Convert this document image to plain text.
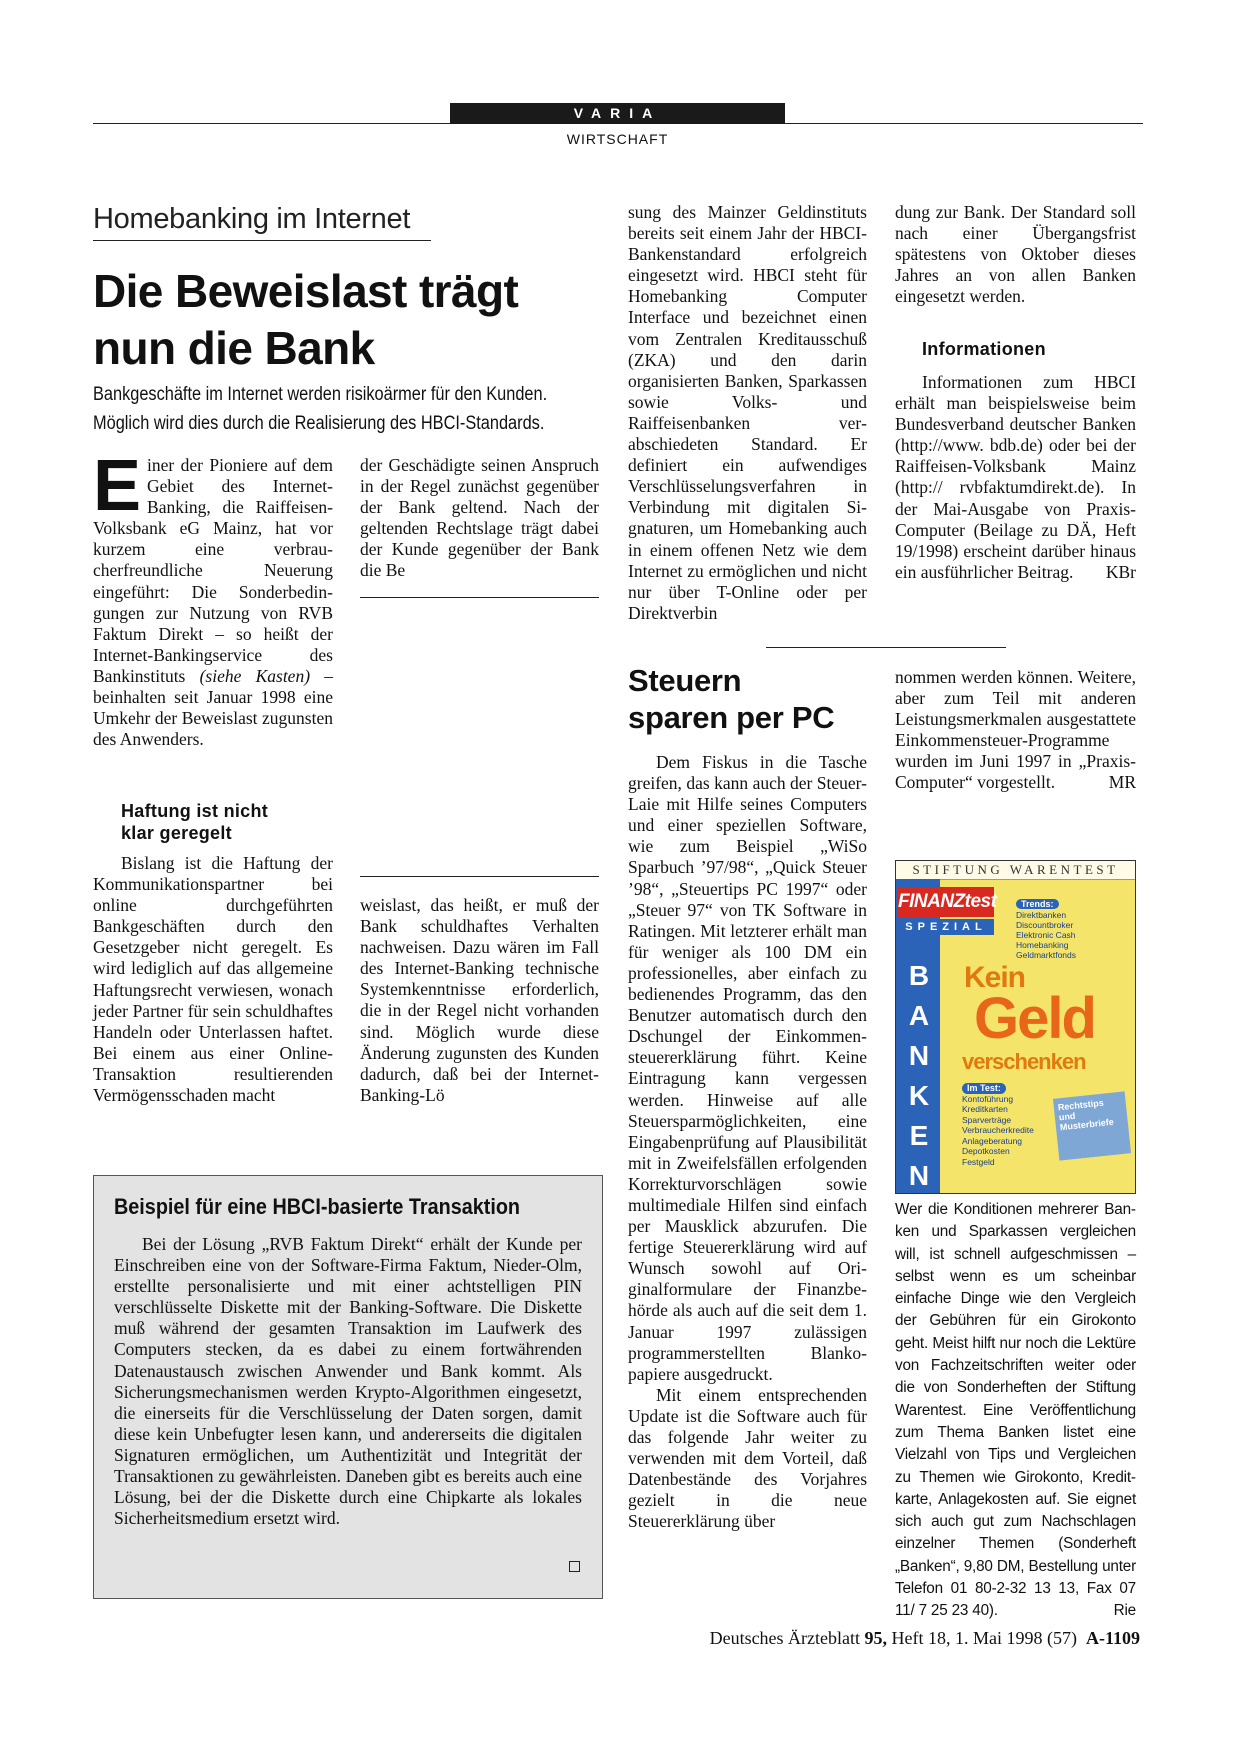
VARIA
WIRTSCHAFT
Homebanking im Internet
Die Beweislast trägt
nun die Bank
Bankgeschäfte im Internet werden risikoärmer für den Kunden.
Möglich wird dies durch die Realisierung des HBCI-Standards.
Einer der Pioniere auf dem Gebiet des Internet-Banking, die Raiffeisen-Volksbank eG Mainz, hat vor kurzem eine verbraucherfreundliche Neuerung eingeführt: Die Sonderbedingungen zur Nutzung von RVB Faktum Direkt – so heißt der Internet-Bankingservice des Bankinstituts (siehe Kasten) – beinhalten seit Januar 1998 eine Umkehr der Beweislast zugunsten des Anwenders.
Haftung ist nicht
klar geregelt
Bislang ist die Haftung der Kommunikationspartner bei online durchgeführten Bankgeschäften durch den Gesetzgeber nicht geregelt. Es wird lediglich auf das allgemeine Haftungsrecht verwiesen, wonach jeder Partner für sein schuldhaftes Handeln oder Unterlassen haftet. Bei einem aus einer Online-Transaktion resultierenden Vermögensschaden macht
der Geschädigte seinen Anspruch in der Regel zunächst gegenüber der Bank geltend. Nach der geltenden Rechtslage trägt dabei der Kunde gegenüber der Bank die Be
weislast, das heißt, er muß der Bank schuldhaftes Verhalten nachweisen. Dazu wären im Fall des Internet-Banking technische Systemkenntnisse erforderlich, die in der Regel nicht vorhanden sind. Möglich wurde diese Änderung zugunsten des Kunden dadurch, daß bei der Internet-Banking-Lö
sung des Mainzer Geldinstituts bereits seit einem Jahr der HBCI-Bankenstandard erfolgreich eingesetzt wird. HBCI steht für Homebanking Computer Interface und bezeichnet einen vom Zentralen Kreditausschuß (ZKA) und den darin organisierten Banken, Sparkassen sowie Volks- und Raiffeisenbanken verabschiedeten Standard. Er definiert ein aufwendiges Verschlüsselungsverfahren in Verbindung mit digitalen Signaturen, um Homebanking auch in einem offenen Netz wie dem Internet zu ermöglichen und nicht nur über T-Online oder per Direktverbin
dung zur Bank. Der Standard soll nach einer Übergangsfrist spätestens von Oktober dieses Jahres an von allen Banken eingesetzt werden.
Informationen
Informationen zum HBCI erhält man beispielsweise beim Bundesverband deutscher Banken (http://www. bdb.de) oder bei der Raiffeisen-Volksbank Mainz (http:// rvbfaktumdirekt.de). In der Mai-Ausgabe von Praxis-Computer (Beilage zu DÄ, Heft 19/1998) erscheint darüber hinaus ein ausführlicher Beitrag.	KBr
Beispiel für eine HBCI-basierte Transaktion
Bei der Lösung „RVB Faktum Direkt“ erhält der Kunde per Einschreiben eine von der Software-Firma Faktum, Nieder-Olm, erstellte personalisierte und mit einer achtstelligen PIN verschlüsselte Diskette mit der Banking-Software. Die Diskette muß während der gesamten Transaktion im Laufwerk des Computers stecken, da es dabei zu einem fortwährenden Datenaustausch zwischen Anwender und Bank kommt. Als Sicherungsmechanismen werden Krypto-Algorithmen eingesetzt, die einerseits für die Verschlüsselung der Daten sorgen, damit diese kein Unbefugter lesen kann, und andererseits die digitalen Signaturen ermöglichen, um Authentizität und Integrität der Transaktionen zu gewährleisten. Daneben gibt es bereits auch eine Lösung, bei der die Diskette durch eine Chipkarte als lokales Sicherheitsmedium ersetzt wird.
Steuern
sparen per PC
Dem Fiskus in die Tasche greifen, das kann auch der Steuer-Laie mit Hilfe seines Computers und einer speziellen Software, wie zum Beispiel „WiSo Sparbuch ’97/98“, „Quick Steuer ’98“, „Steuertips PC 1997“ oder „Steuer 97“ von TK Software in Ratingen. Mit letzterer erhält man für weniger als 100 DM ein professionelles, aber einfach zu bedienendes Programm, das den Benutzer automatisch durch den Dschungel der Einkommensteuererklärung führt. Keine Eintragung kann vergessen werden. Hinweise auf alle Steuersparmöglichkeiten, eine Eingabenprüfung auf Plausibilität mit in Zweifelsfällen erfolgenden Korrekturvorschlägen sowie multimediale Hilfen sind einfach per Mausklick abzurufen. Die fertige Steuererklärung wird auf Wunsch sowohl auf Originalformulare der Finanzbehörde als auch auf die seit dem 1. Januar 1997 zulässigen programmerstellten Blankopapiere ausgedruckt.
Mit einem entsprechenden Update ist die Software auch für das folgende Jahr weiter zu verwenden mit dem Vorteil, daß Datenbestände des Vorjahres gezielt in die neue Steuererklärung über
nommen werden können. Weitere, aber zum Teil mit anderen Leistungsmerkmalen ausgestattete Einkommensteuer-Programme wurden im Juni 1997 in „Praxis-Computer“ vorgestellt.	MR
STIFTUNG WARENTEST
FINANZtest
SPEZIAL
B
A
N
K
E
N
Trends:
Direktbanken
Discountbroker
Elektronic Cash
Homebanking
Geldmarktfonds
Kein
Geld
verschenken
Im Test:
Kontoführung
Kreditkarten
Sparverträge
Verbraucherkredite
Anlageberatung
Depotkosten
Festgeld
Rechtstips und Musterbriefe
Wer die Konditionen mehrerer Banken und Sparkassen vergleichen will, ist schnell aufgeschmissen – selbst wenn es um scheinbar einfache Dinge wie den Vergleich der Gebühren für ein Girokonto geht. Meist hilft nur noch die Lektüre von Fachzeitschriften weiter oder die von Sonderheften der Stiftung Warentest. Eine Veröffentlichung zum Thema Banken listet eine Vielzahl von Tips und Vergleichen zu Themen wie Girokonto, Kreditkarte, Anlagekosten auf. Sie eignet sich auch gut zum Nachschlagen einzelner Themen (Sonderheft „Banken“, 9,80 DM, Bestellung unter Telefon 01 80-2-32 13 13, Fax 07 11/ 7 25 23 40).	Rie
Deutsches Ärzteblatt 95, Heft 18, 1. Mai 1998 (57) A-1109
